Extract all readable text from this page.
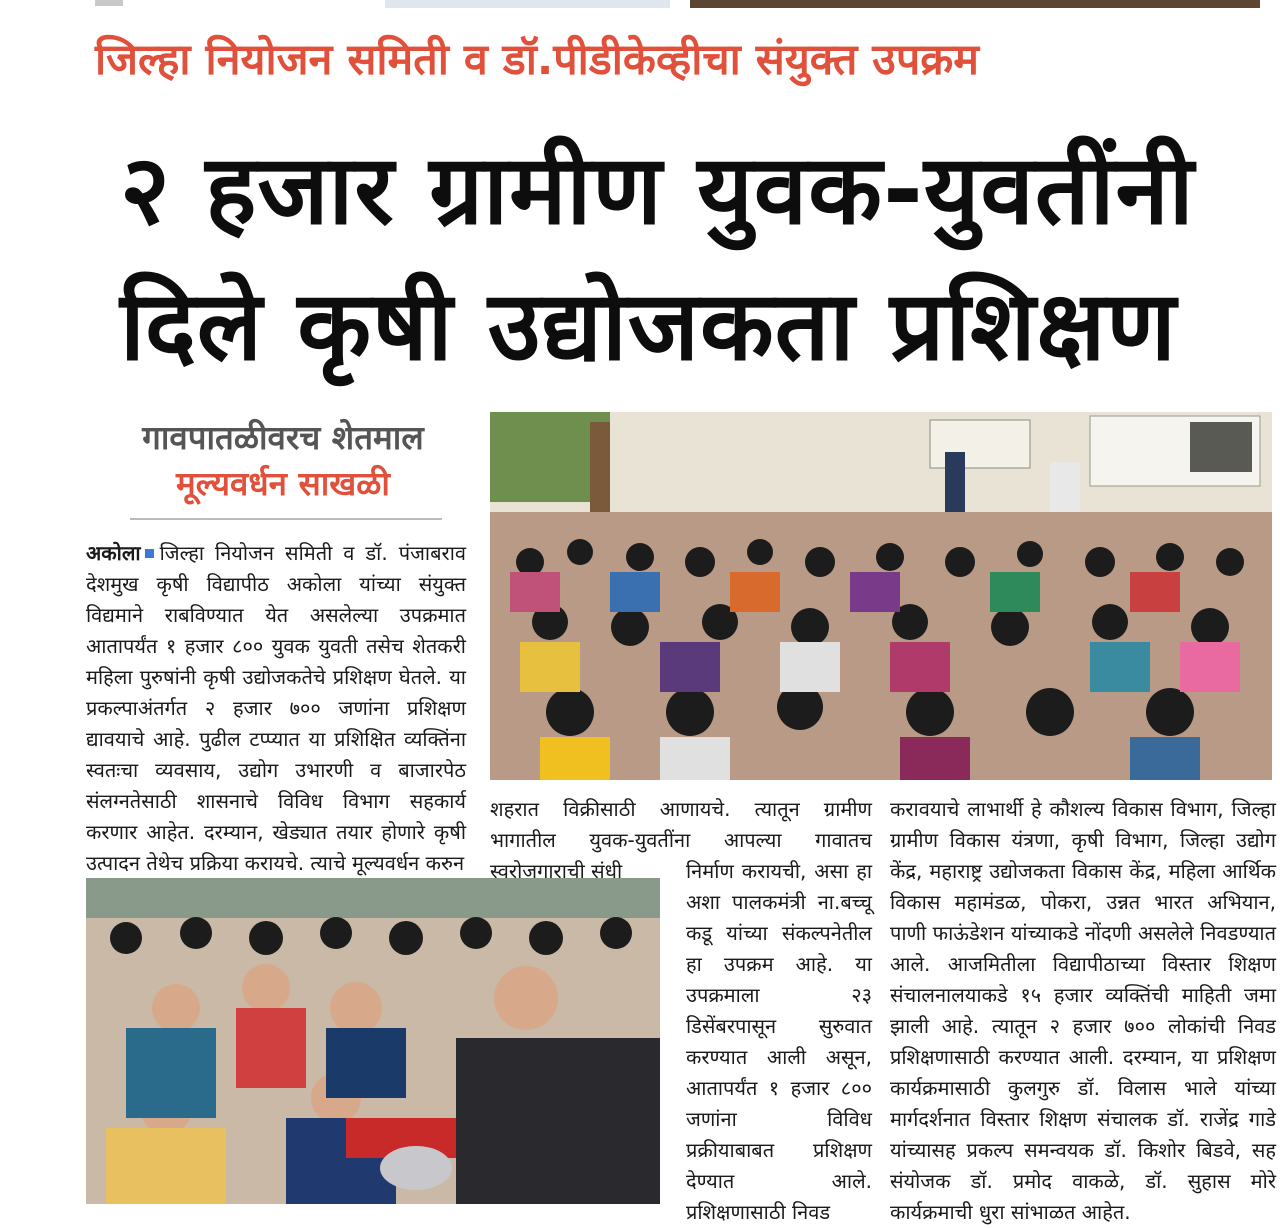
जिल्हा नियोजन समिती व डॉ.पीडीकेव्हीचा संयुक्त उपक्रम
२ हजार ग्रामीण युवक-युवतींनी
दिले कृषी उद्योजकता प्रशिक्षण
गावपातळीवरच शेतमाल
मूल्यवर्धन साखळी
अकोला जिल्हा नियोजन समिती व डॉ. पंजाबराव देशमुख कृषी विद्यापीठ अकोला यांच्या संयुक्त विद्यमाने राबविण्यात येत असलेल्या उपक्रमात आतापर्यंत १ हजार ८०० युवक युवती तसेच शेतकरी महिला पुरुषांनी कृषी उद्योजकतेचे प्रशिक्षण घेतले. या प्रकल्पाअंतर्गत २ हजार ७०० जणांना प्रशिक्षण द्यावयाचे आहे. पुढील टप्प्यात या प्रशिक्षित व्यक्तिंना स्वतःचा व्यवसाय, उद्योग उभारणी व बाजारपेठ संलग्नतेसाठी शासनाचे विविध विभाग सहकार्य करणार आहेत. दरम्यान, खेड्यात तयार होणारे कृषी उत्पादन तेथेच प्रक्रिया करायचे. त्याचे मूल्यवर्धन करुन
शहरात विक्रीसाठी आणायचे. त्यातून ग्रामीण भागातील युवक-युवतींना आपल्या गावातच स्वरोजगाराची संधी	निर्माण करायची, असा हा अशा पालकमंत्री ना.बच्चू कडू यांच्या संकल्पनेतील हा उपक्रम आहे. या उपक्रमाला २३ डिसेंबरपासून सुरुवात करण्यात आली असून, आतापर्यंत १ हजार ८०० जणांना विविध प्रक्रीयाबाबत प्रशिक्षण देण्यात आले. प्रशिक्षणासाठी निवड
करावयाचे लाभार्थी हे कौशल्य विकास विभाग, जिल्हा ग्रामीण विकास यंत्रणा, कृषी विभाग, जिल्हा उद्योग केंद्र, महाराष्ट्र उद्योजकता विकास केंद्र, महिला आर्थिक विकास महामंडळ, पोकरा, उन्नत भारत अभियान, पाणी फाऊंडेशन यांच्याकडे नोंदणी असलेले निवडण्यात आले. आजमितीला विद्यापीठाच्या विस्तार शिक्षण संचालनालयाकडे १५ हजार व्यक्तिंची माहिती जमा झाली आहे. त्यातून २ हजार ७०० लोकांची निवड प्रशिक्षणासाठी करण्यात आली. दरम्यान, या प्रशिक्षण कार्यक्रमासाठी कुलगुरु डॉ. विलास भाले यांच्या मार्गदर्शनात विस्तार शिक्षण संचालक डॉ. राजेंद्र गाडे यांच्यासह प्रकल्प समन्वयक डॉ. किशोर बिडवे, सह संयोजक डॉ. प्रमोद वाकळे, डॉ. सुहास मोरे कार्यक्रमाची धुरा सांभाळत आहेत.
